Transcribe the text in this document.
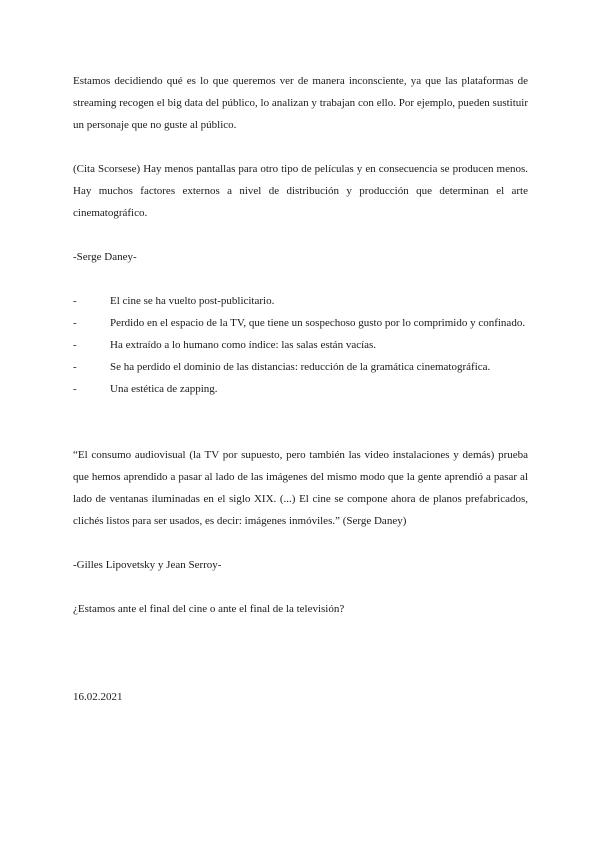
Estamos decidiendo qué es lo que queremos ver de manera inconsciente, ya que las plataformas de streaming recogen el big data del público, lo analizan y trabajan con ello. Por ejemplo, pueden sustituir un personaje que no guste al público.

(Cita Scorsese) Hay menos pantallas para otro tipo de películas y en consecuencia se producen menos. Hay muchos factores externos a nivel de distribución y producción que determinan el arte cinematográfico.

-Serge Daney-

-	El cine se ha vuelto post-publicitario.
-	Perdido en el espacio de la TV, que tiene un sospechoso gusto por lo comprimido y confinado.
-	Ha extraído a lo humano como índice: las salas están vacías.
-	Se ha perdido el dominio de las distancias: reducción de la gramática cinematográfica.
-	Una estética de zapping.

“El consumo audiovisual (la TV por supuesto, pero también las video instalaciones y demás) prueba que hemos aprendido a pasar al lado de las imágenes del mismo modo que la gente aprendió a pasar al lado de ventanas iluminadas en el siglo XIX. (...) El cine se compone ahora de planos prefabricados, clichés listos para ser usados, es decir: imágenes inmóviles.” (Serge Daney)

-Gilles Lipovetsky y Jean Serroy-

¿Estamos ante el final del cine o ante el final de la televisión?

16.02.2021
